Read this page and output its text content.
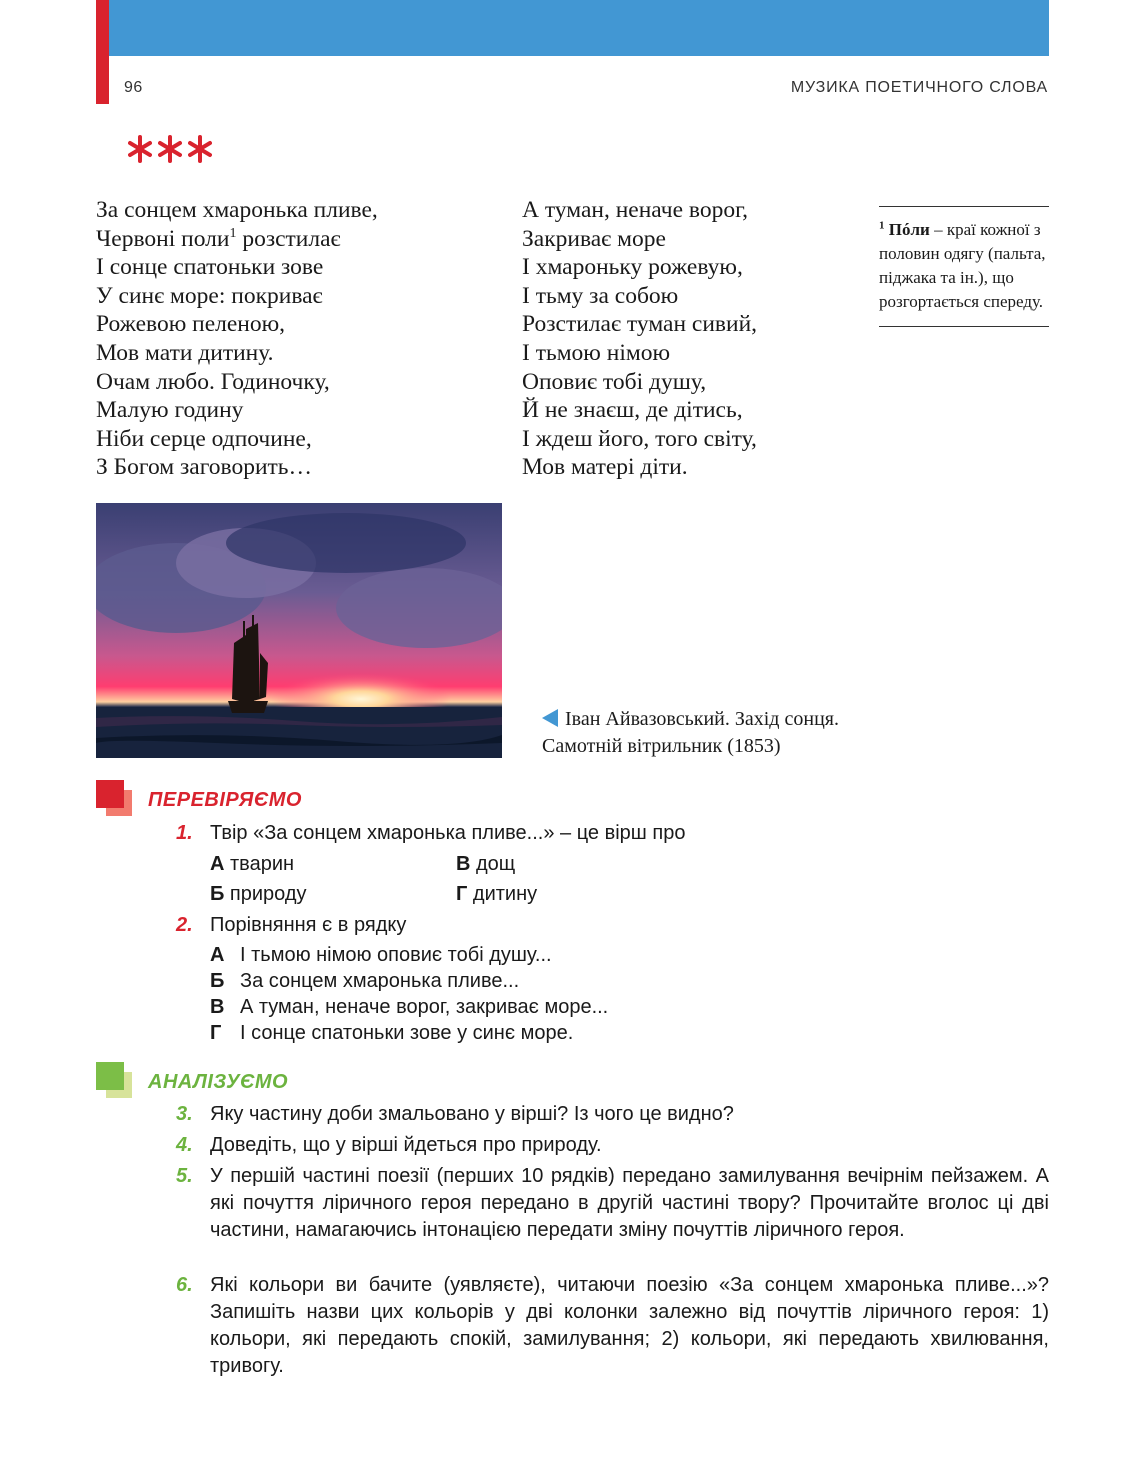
96	МУЗИКА ПОЕТИЧНОГО СЛОВА
За сонцем хмаронька пливе,
Червоні поли$^1$ розстилає
І сонце спатоньки зове
У синє море: покриває
Рожевою пеленою,
Мов мати дитину.
Очам любо. Годиночку,
Малую годину
Ніби серце одпочине,
З Богом заговорить…
А туман, неначе ворог,
Закриває море
І хмароньку рожевую,
І тьму за собою
Розстилає туман сивий,
І тьмою німою
Оповиє тобі душу,
Й не знаєш, де дітись,
І ждеш його, того світу,
Мов матері діти.
$^1$ Пóли – краї кожної з половин одягу (пальта, піджака та ін.), що розгортається спереду.
Іван Айвазовський. Захід сонця.
Самотній вітрильник (1853)
ПЕРЕВІРЯЄМО
1. Твір «За сонцем хмаронька пливе...» – це вірш про
А тварин
Б природу
В дощ
Г дитину
2. Порівняння є в рядку
А І тьмою німою оповиє тобі душу...
Б За сонцем хмаронька пливе...
В А туман, неначе ворог, закриває море...
Г І сонце спатоньки зове у синє море.
АНАЛІЗУЄМО
3. Яку частину доби змальовано у вірші? Із чого це видно?
4. Доведіть, що у вірші йдеться про природу.
5. У першій частині поезії (перших 10 рядків) передано замилування вечірнім пейзажем. А які почуття ліричного героя передано в другій частині твору? Прочитайте вголос ці дві частини, намагаючись інтонацією передати зміну почуттів ліричного героя.
6. Які кольори ви бачите (уявляєте), читаючи поезію «За сонцем хмаронька пливе...»? Запишіть назви цих кольорів у дві колонки залежно від почуттів ліричного героя: 1) кольори, які передають спокій, замилування; 2) кольори, які передають хвилювання, тривогу.
